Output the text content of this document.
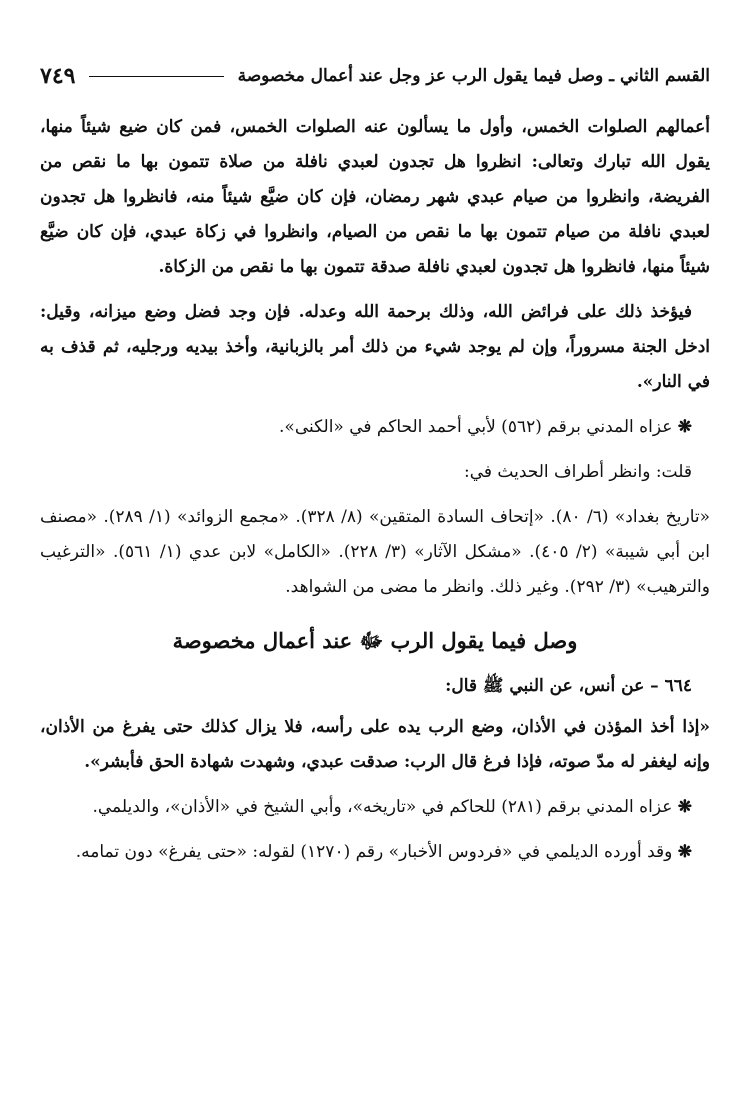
القسم الثاني ـ وصل فيما يقول الرب عز وجل عند أعمال مخصوصة
٧٤٩

أعمالهم الصلوات الخمس، وأول ما يسألون عنه الصلوات الخمس، فمن كان ضيع شيئاً منها، يقول الله تبارك وتعالى: انظروا هل تجدون لعبدي نافلة من صلاة تتمون بها ما نقص من الفريضة، وانظروا من صيام عبدي شهر رمضان، فإن كان ضيَّع شيئاً منه، فانظروا هل تجدون لعبدي نافلة من صيام تتمون بها ما نقص من الصيام، وانظروا في زكاة عبدي، فإن كان ضيَّع شيئاً منها، فانظروا هل تجدون لعبدي نافلة صدقة تتمون بها ما نقص من الزكاة.

فيؤخذ ذلك على فرائض الله، وذلك برحمة الله وعدله. فإن وجد فضل وضع ميزانه، وقيل: ادخل الجنة مسروراً، وإن لم يوجد شيء من ذلك أمر بالزبانية، وأخذ بيديه ورجليه، ثم قذف به في النار».

❋ عزاه المدني برقم (٥٦٢) لأبي أحمد الحاكم في «الكنى».

قلت: وانظر أطراف الحديث في:

«تاريخ بغداد» (٦/ ٨٠). «إتحاف السادة المتقين» (٨/ ٣٢٨). «مجمع الزوائد» (١/ ٢٨٩). «مصنف ابن أبي شيبة» (٢/ ٤٠٥). «مشكل الآثار» (٣/ ٢٢٨). «الكامل» لابن عدي (١/ ٥٦١). «الترغيب والترهيب» (٣/ ٢٩٢). وغير ذلك. وانظر ما مضى من الشواهد.

وصل فيما يقول الرب ﷻ عند أعمال مخصوصة

٦٦٤ – عن أنس، عن النبي ﷺ قال:

«إذا أخذ المؤذن في الأذان، وضع الرب يده على رأسه، فلا يزال كذلك حتى يفرغ من الأذان، وإنه ليغفر له مدّ صوته، فإذا فرغ قال الرب: صدقت عبدي، وشهدت شهادة الحق فأبشر».

❋ عزاه المدني برقم (٢٨١) للحاكم في «تاريخه»، وأبي الشيخ في «الأذان»، والديلمي.

❋ وقد أورده الديلمي في «فردوس الأخبار» رقم (١٢٧٠) لقوله: «حتى يفرغ» دون تمامه.
